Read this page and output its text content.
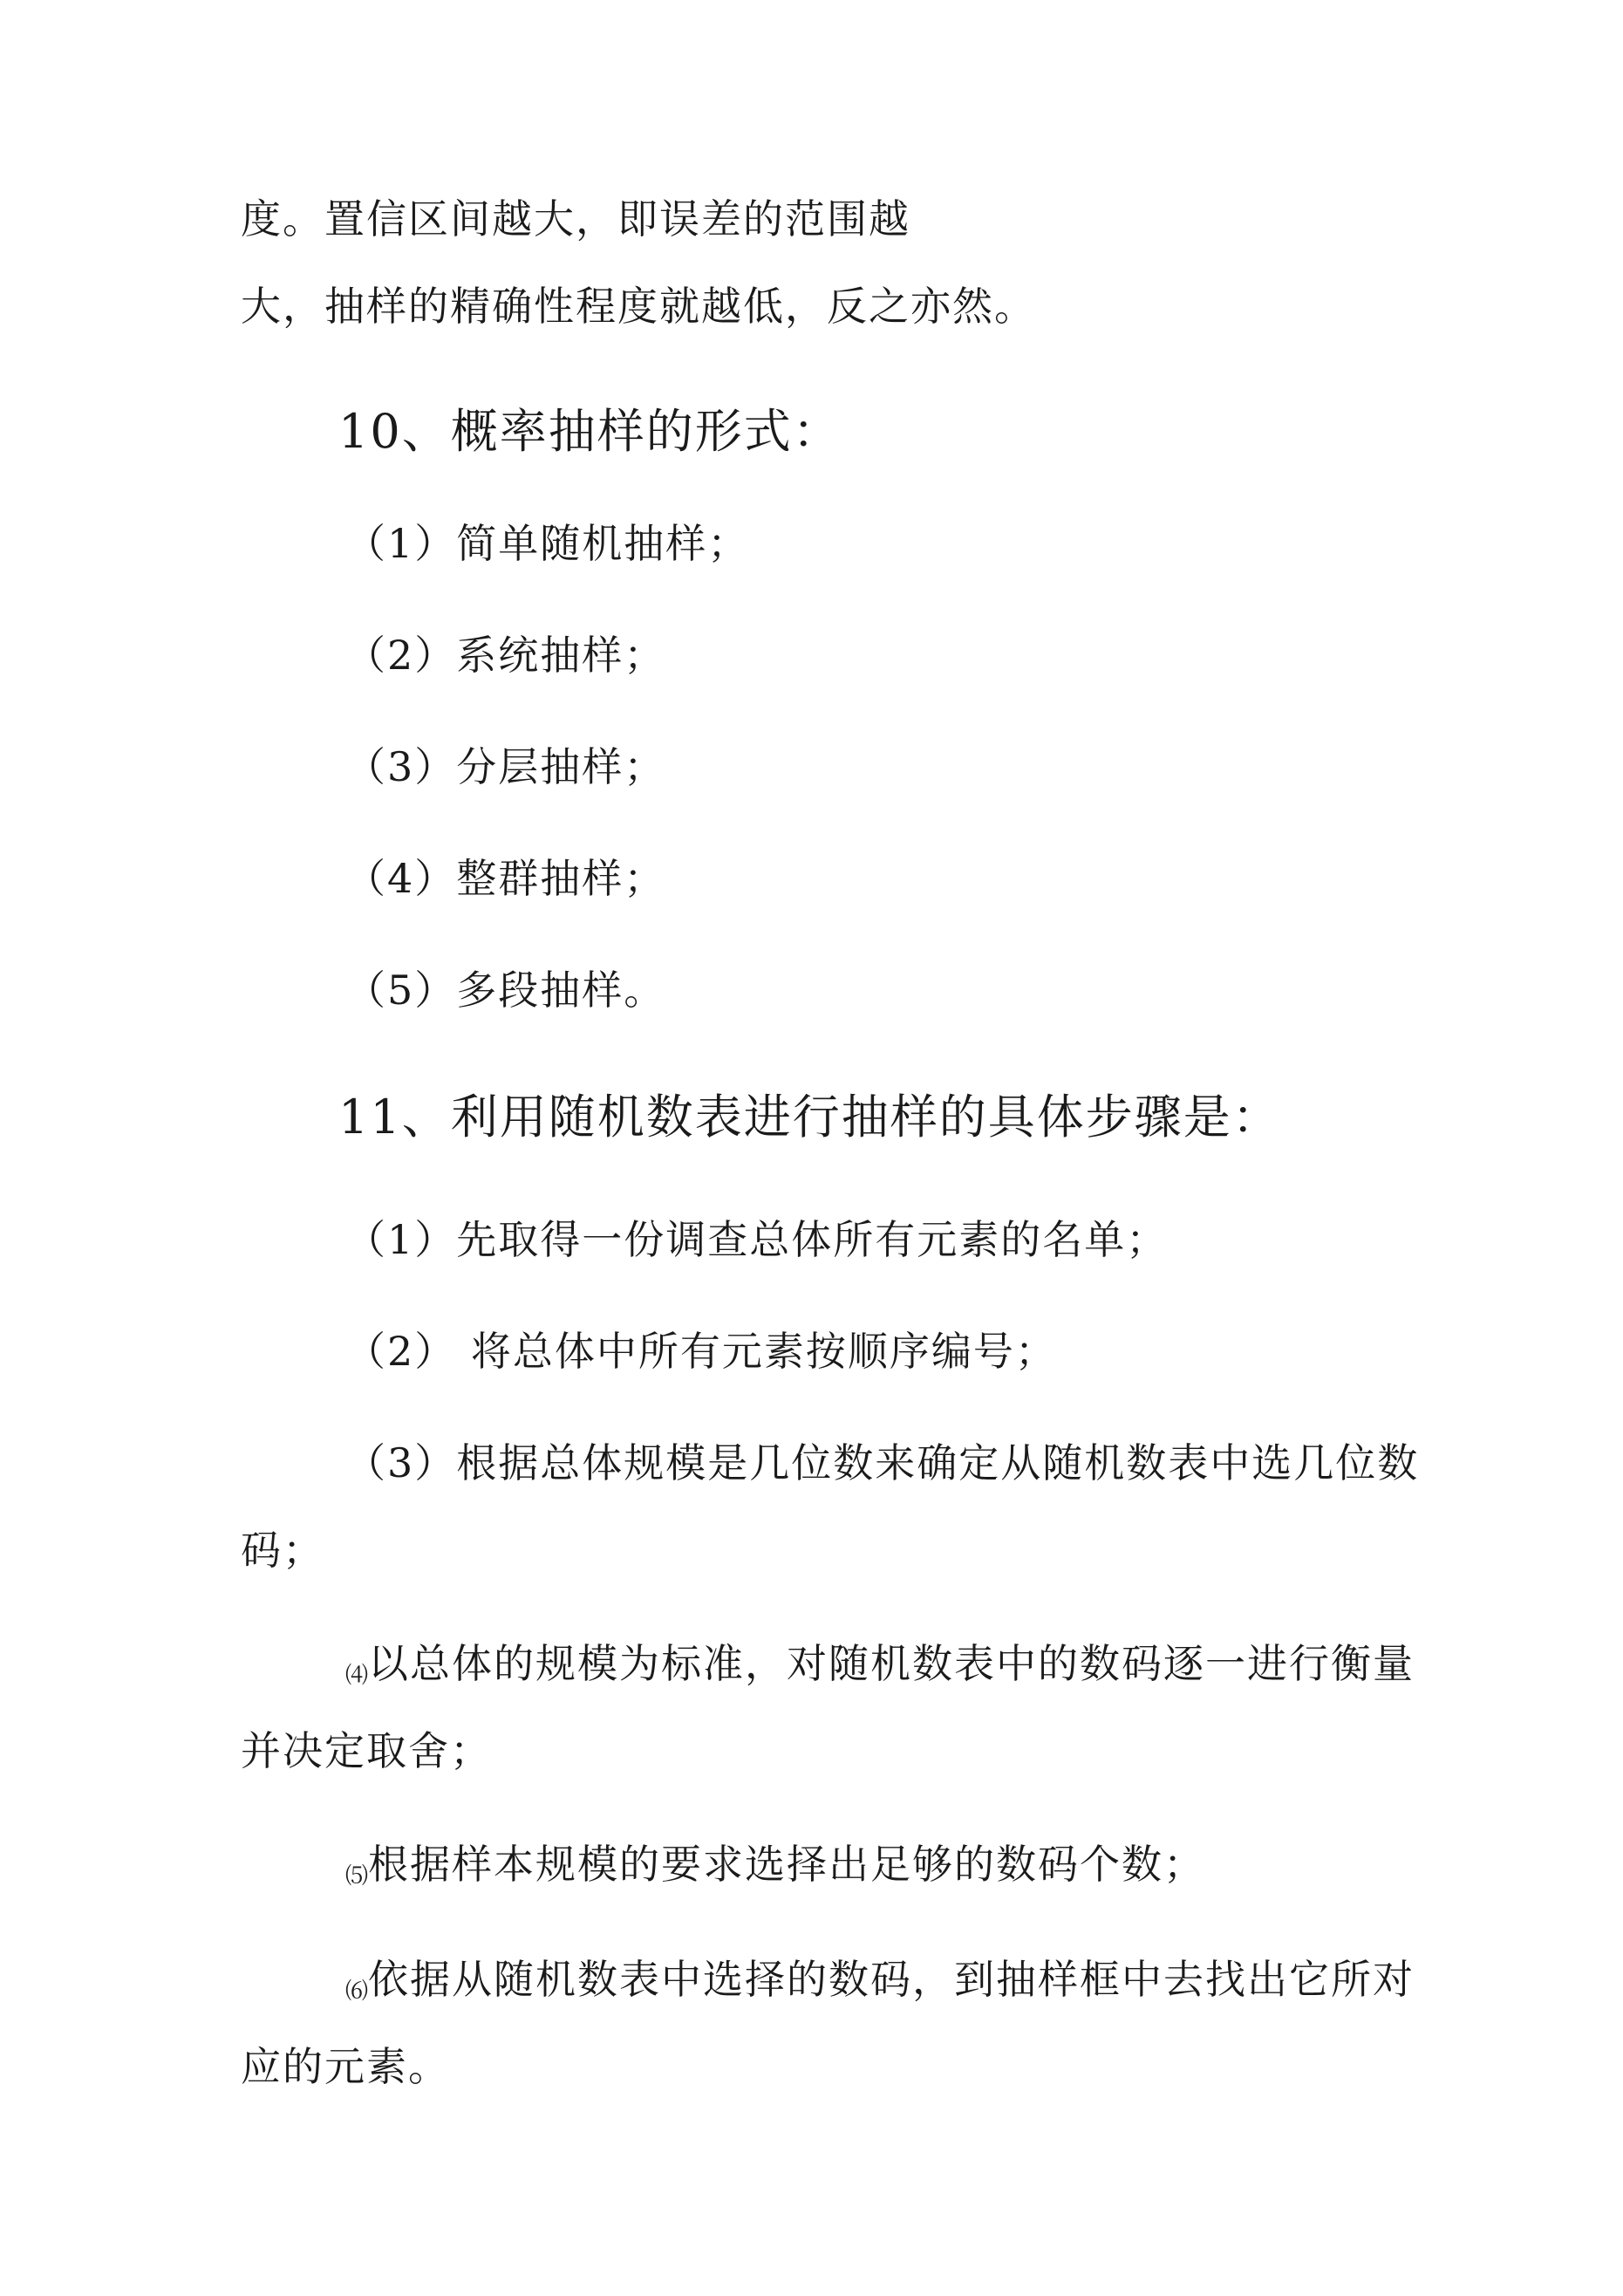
度。置信区间越大，即误差的范围越

大，抽样的精确性程度就越低，反之亦然。

10、概率抽样的形式：

（1）简单随机抽样；

（2）系统抽样；

（3）分层抽样；

（4）整群抽样；

（5）多段抽样。

11、利用随机数表进行抽样的具体步骤是：

（1）先取得一份调查总体所有元素的名单；

（2） 将总体中所有元素按顺序编号；

（3）根据总体规模是几位数来确定从随机数表中选几位数

码；

⑷以总体的规模为标准，对随机数表中的数码逐一进行衡量

并决定取舍；

⑸根据样本规模的要求选择出足够的数码个数；

⑹依据从随机数表中选择的数码，到抽样框中去找出它所对

应的元素。
